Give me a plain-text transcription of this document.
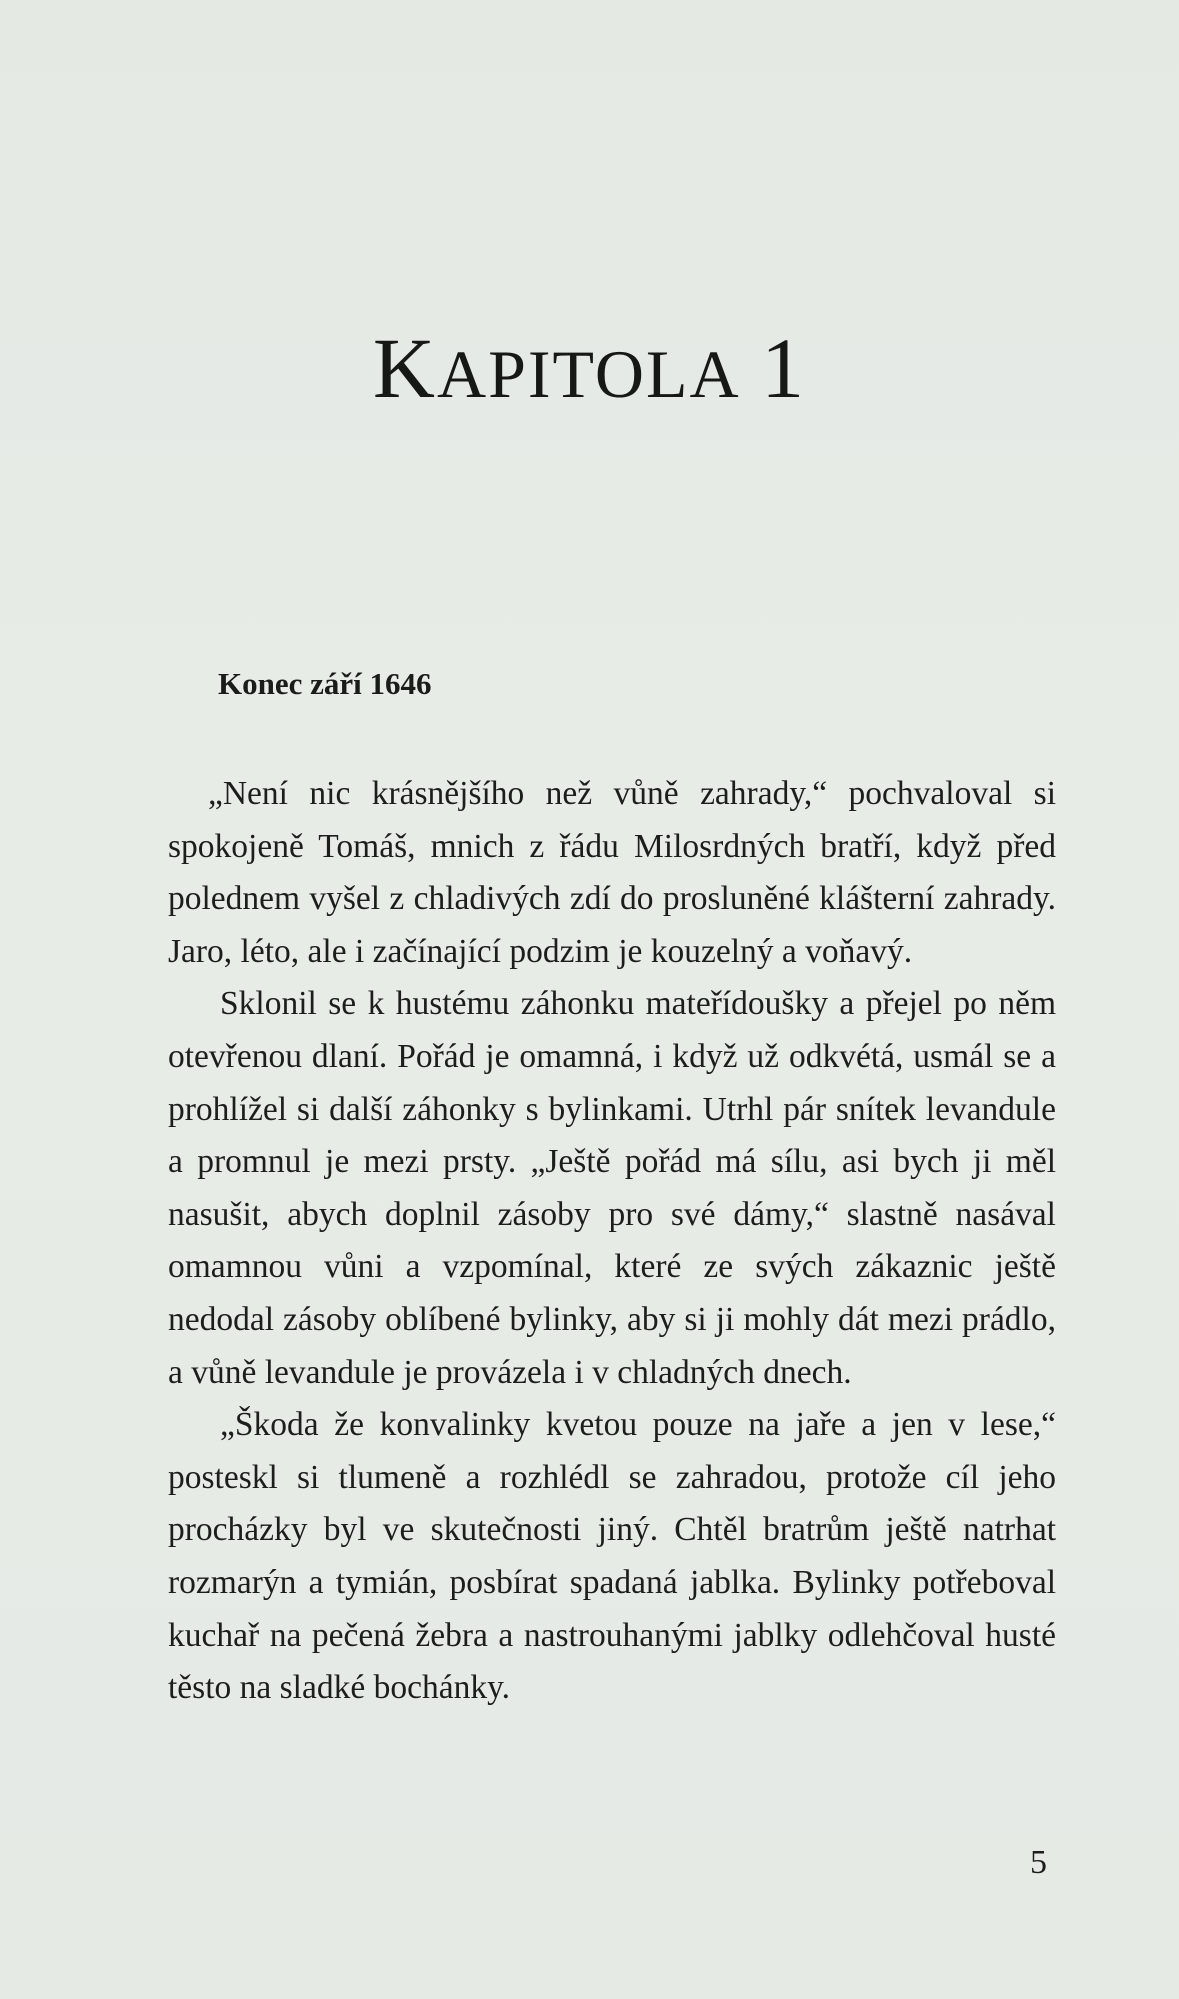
KAPITOLA 1
Konec září 1646

„Není nic krásnějšího než vůně zahrady,“ pochvaloval si spokojeně Tomáš, mnich z řádu Milosrdných bratří, když před polednem vyšel z chladivých zdí do prosluněné klášterní zahrady. Jaro, léto, ale i začínající podzim je kouzelný a voňavý.

Sklonil se k hustému záhonku mateřídoušky a přejel po něm otevřenou dlaní. Pořád je omamná, i když už odkvétá, usmál se a prohlížel si další záhonky s bylinkami. Utrhl pár snítek levandule a promnul je mezi prsty. „Ještě pořád má sílu, asi bych ji měl nasušit, abych doplnil zásoby pro své dámy,“ slastně nasával omamnou vůni a vzpomínal, které ze svých zákaznic ještě nedodal zásoby oblíbené bylinky, aby si ji mohly dát mezi prádlo, a vůně levandule je provázela i v chladných dnech.

„Škoda že konvalinky kvetou pouze na jaře a jen v lese,“ posteskl si tlumeně a rozhlédl se zahradou, protože cíl jeho procházky byl ve skutečnosti jiný. Chtěl bratrům ještě natrhat rozmarýn a tymián, posbírat spadaná jablka. Bylinky potřeboval kuchař na pečená žebra a nastrouhanými jablky odlehčoval husté těsto na sladké bochánky.

5
